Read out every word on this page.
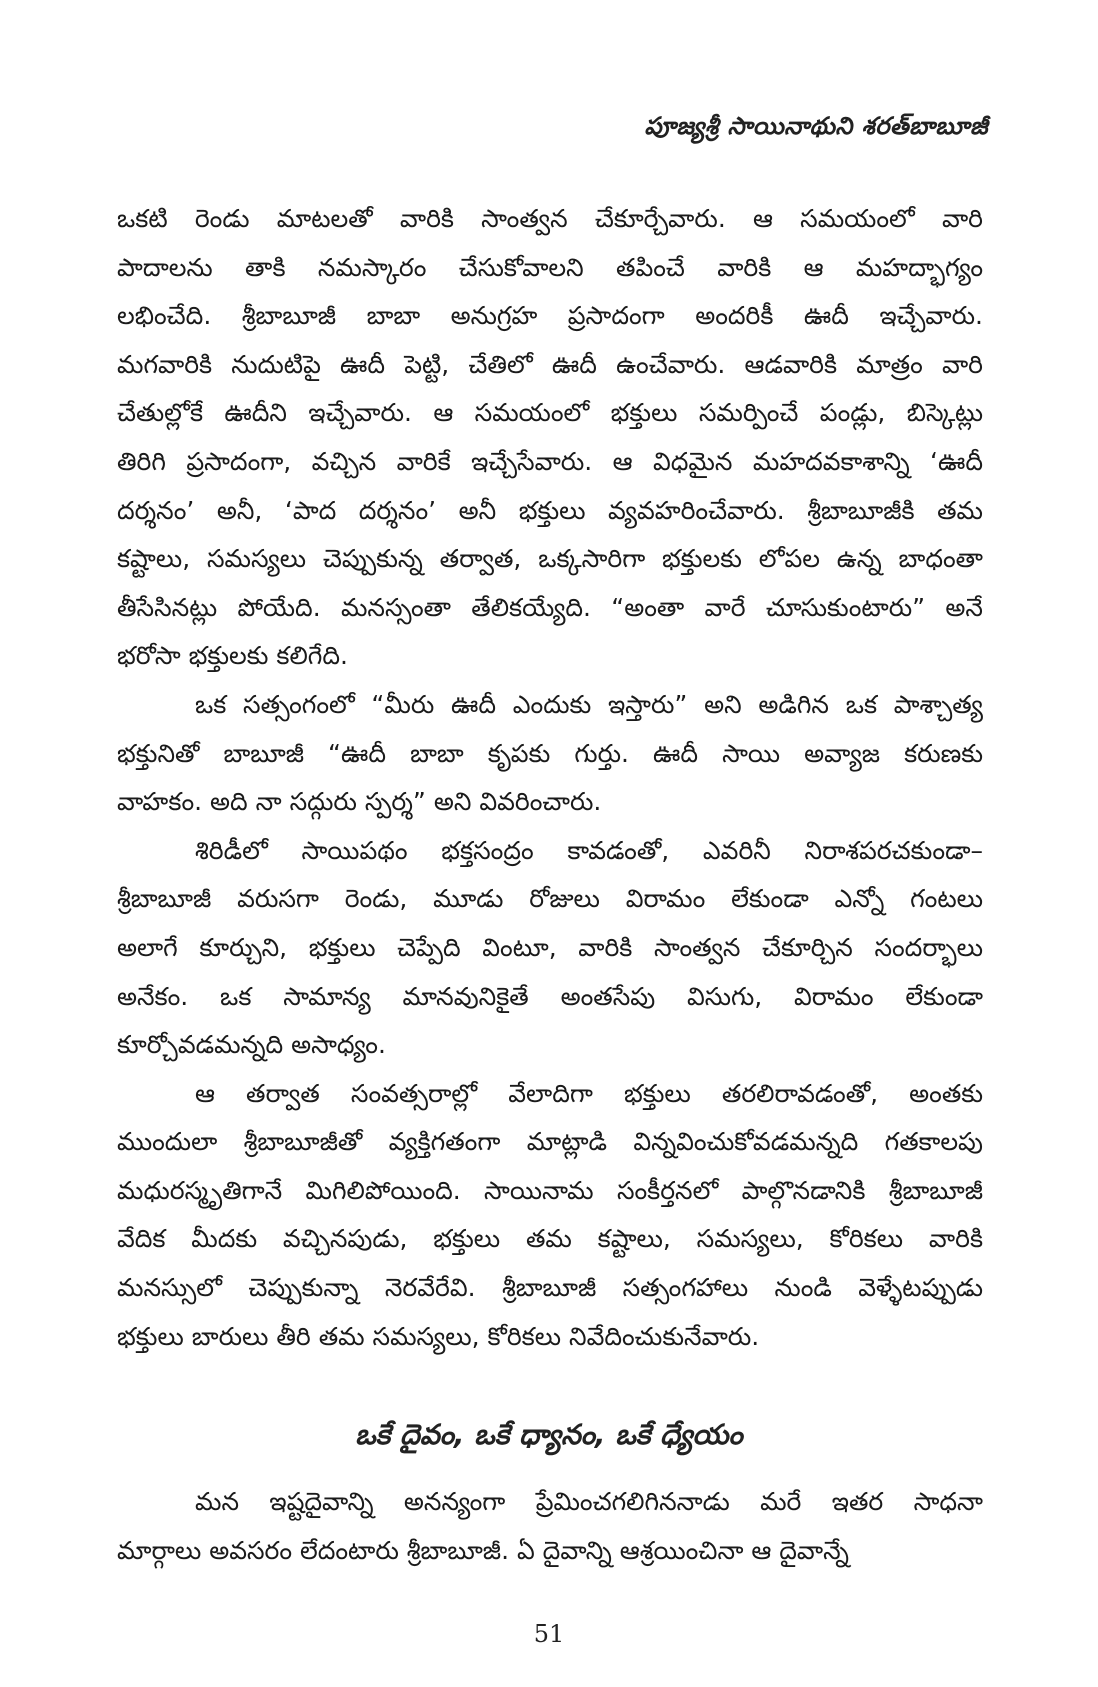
పూజ్యశ్రీ సాయినాథుని శరత్‌బాబూజీ
ఒకటి రెండు మాటలతో వారికి సాంత్వన చేకూర్చేవారు. ఆ సమయంలో వారి
పాదాలను తాకి నమస్కారం చేసుకోవాలని తపించే వారికి ఆ మహద్భాగ్యం
లభించేది. శ్రీబాబూజీ బాబా అనుగ్రహ ప్రసాదంగా అందరికీ ఊదీ ఇచ్చేవారు.
మగవారికి నుదుటిపై ఊదీ పెట్టి, చేతిలో ఊదీ ఉంచేవారు. ఆడవారికి మాత్రం వారి
చేతుల్లోకే ఊదీని ఇచ్చేవారు. ఆ సమయంలో భక్తులు సమర్పించే పండ్లు, బిస్కెట్లు
తిరిగి ప్రసాదంగా, వచ్చిన వారికే ఇచ్చేసేవారు. ఆ విధమైన మహదవకాశాన్ని ‘ఊదీ
దర్శనం’ అనీ, ‘పాద దర్శనం’ అనీ భక్తులు వ్యవహరించేవారు. శ్రీబాబూజీకి తమ
కష్టాలు, సమస్యలు చెప్పుకున్న తర్వాత, ఒక్కసారిగా భక్తులకు లోపల ఉన్న బాధంతా
తీసేసినట్లు పోయేది. మనస్సంతా తేలికయ్యేది. “అంతా వారే చూసుకుంటారు” అనే
భరోసా భక్తులకు కలిగేది.
ఒక సత్సంగంలో “మీరు ఊదీ ఎందుకు ఇస్తారు” అని అడిగిన ఒక పాశ్చాత్య
భక్తునితో బాబూజీ “ఊదీ బాబా కృపకు గుర్తు. ఊదీ సాయి అవ్యాజ కరుణకు
వాహకం. అది నా సద్గురు స్పర్శ” అని వివరించారు.
శిరిడీలో సాయిపథం భక్తసంద్రం కావడంతో, ఎవరినీ నిరాశపరచకుండా–
శ్రీబాబూజీ వరుసగా రెండు, మూడు రోజులు విరామం లేకుండా ఎన్నో గంటలు
అలాగే కూర్చుని, భక్తులు చెప్పేది వింటూ, వారికి సాంత్వన చేకూర్చిన సందర్భాలు
అనేకం. ఒక సామాన్య మానవునికైతే అంతసేపు విసుగు, విరామం లేకుండా
కూర్చోవడమన్నది అసాధ్యం.
ఆ తర్వాత సంవత్సరాల్లో వేలాదిగా భక్తులు తరలిరావడంతో, అంతకు
ముందులా శ్రీబాబూజీతో వ్యక్తిగతంగా మాట్లాడి విన్నవించుకోవడమన్నది గతకాలపు
మధురస్మృతిగానే మిగిలిపోయింది. సాయినామ సంకీర్తనలో పాల్గొనడానికి శ్రీబాబూజీ
వేదిక మీదకు వచ్చినపుడు, భక్తులు తమ కష్టాలు, సమస్యలు, కోరికలు వారికి
మనస్సులో చెప్పుకున్నా నెరవేరేవి. శ్రీబాబూజీ సత్సంగహాలు నుండి వెళ్ళేటప్పుడు
భక్తులు బారులు తీరి తమ సమస్యలు, కోరికలు నివేదించుకునేవారు.
ఒకే దైవం, ఒకే ధ్యానం, ఒకే ధ్యేయం
మన ఇష్టదైవాన్ని అనన్యంగా ప్రేమించగలిగిననాడు మరే ఇతర సాధనా
మార్గాలు అవసరం లేదంటారు శ్రీబాబూజీ. ఏ దైవాన్ని ఆశ్రయించినా ఆ దైవాన్నే
51
